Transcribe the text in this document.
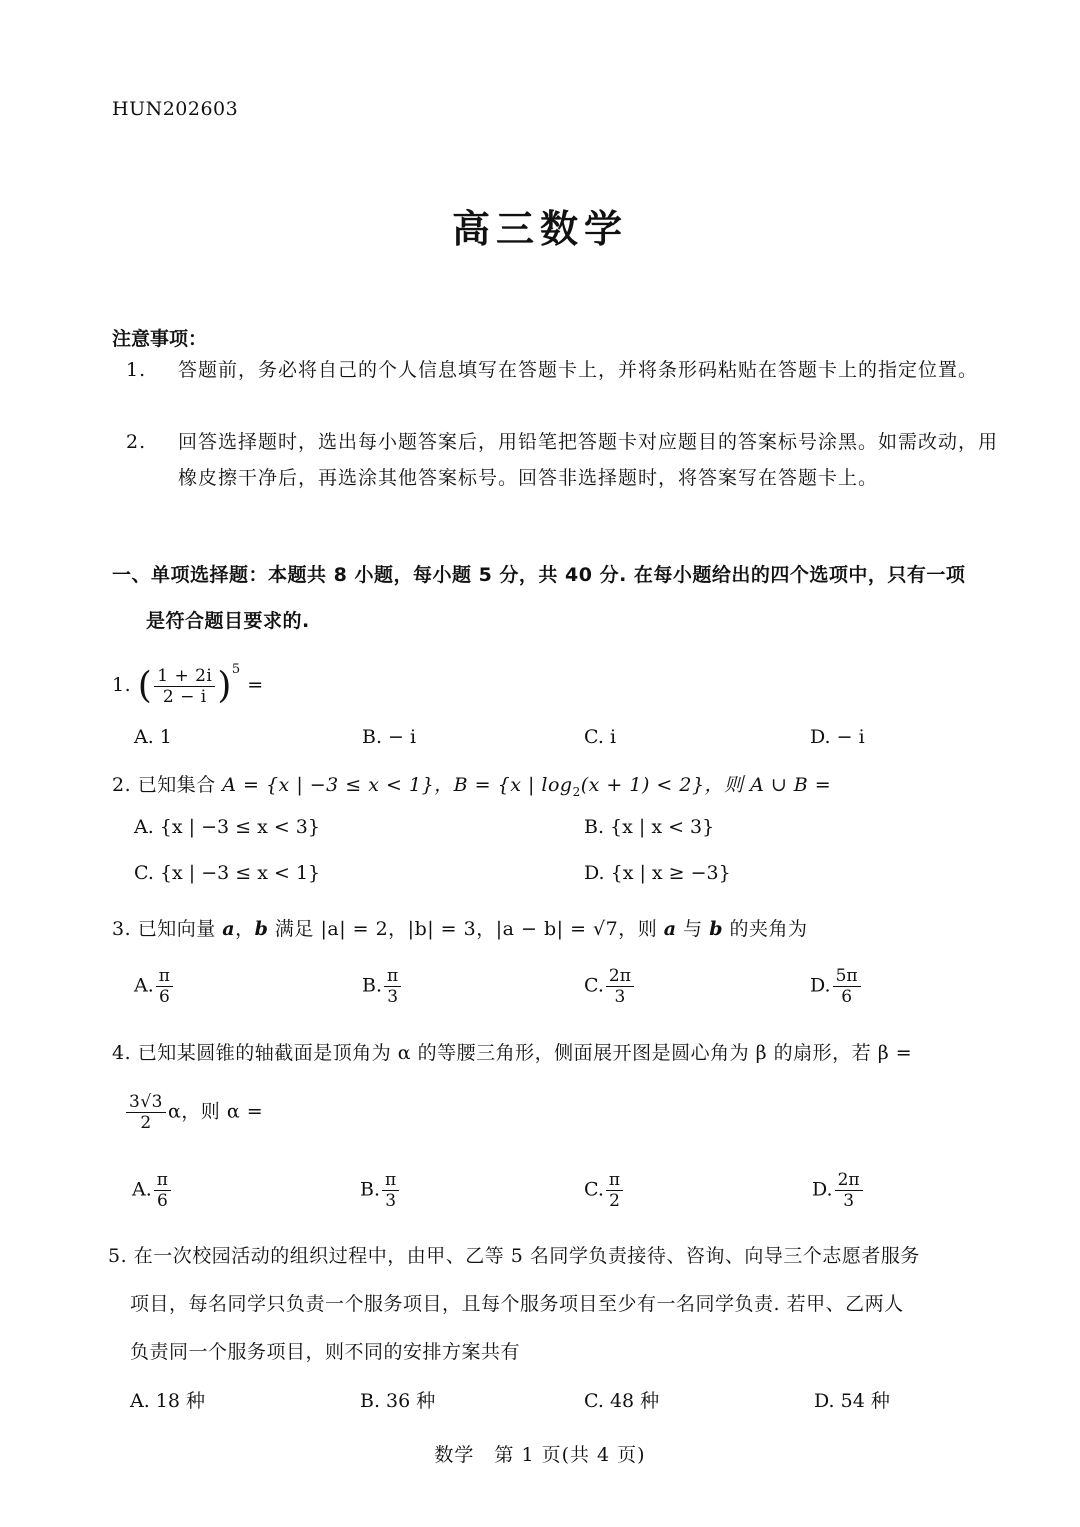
HUN202603
高三数学
注意事项：
1. 答题前，务必将自己的个人信息填写在答题卡上，并将条形码粘贴在答题卡上的指定位置。
2. 回答选择题时，选出每小题答案后，用铅笔把答题卡对应题目的答案标号涂黑。如需改动，用橡皮擦干净后，再选涂其他答案标号。回答非选择题时，将答案写在答题卡上。
一、单项选择题：本题共 8 小题，每小题 5 分，共 40 分. 在每小题给出的四个选项中，只有一项
是符合题目要求的.
1. ( $\frac{1 + 2i}{2 - i} )^5$ =
A. 1	B. − i	C. i	D. − i
2. 已知集合 A = {x | −3 ≤ x < 1}，B = {x | $\log_2(x + 1) < 2$}，则 A ∪ B =
A. {x | −3 ≤ x < 3}	B. {x | x < 3}
C. {x | −3 ≤ x < 1}	D. {x | x ≥ −3}
3. 已知向量 a，b 满足 |a| = 2，|b| = 3，|a − b| = √7，则 a 与 b 的夹角为
A. $\frac{\pi}{6}$	B. $\frac{\pi}{3}$	C. $\frac{2\pi}{3}$	D. $\frac{5\pi}{6}$
4. 已知某圆锥的轴截面是顶角为 α 的等腰三角形，侧面展开图是圆心角为 β 的扇形，若 β =
$\frac{3√3}{2}$ α，则 α =
A. $\frac{\pi}{6}$	B. $\frac{\pi}{3}$	C. $\frac{\pi}{2}$	D. $\frac{2\pi}{3}$
5. 在一次校园活动的组织过程中，由甲、乙等 5 名同学负责接待、咨询、向导三个志愿者服务
项目，每名同学只负责一个服务项目，且每个服务项目至少有一名同学负责. 若甲、乙两人
负责同一个服务项目，则不同的安排方案共有
A. 18 种	B. 36 种	C. 48 种	D. 54 种
数学　第 1 页(共 4 页)
